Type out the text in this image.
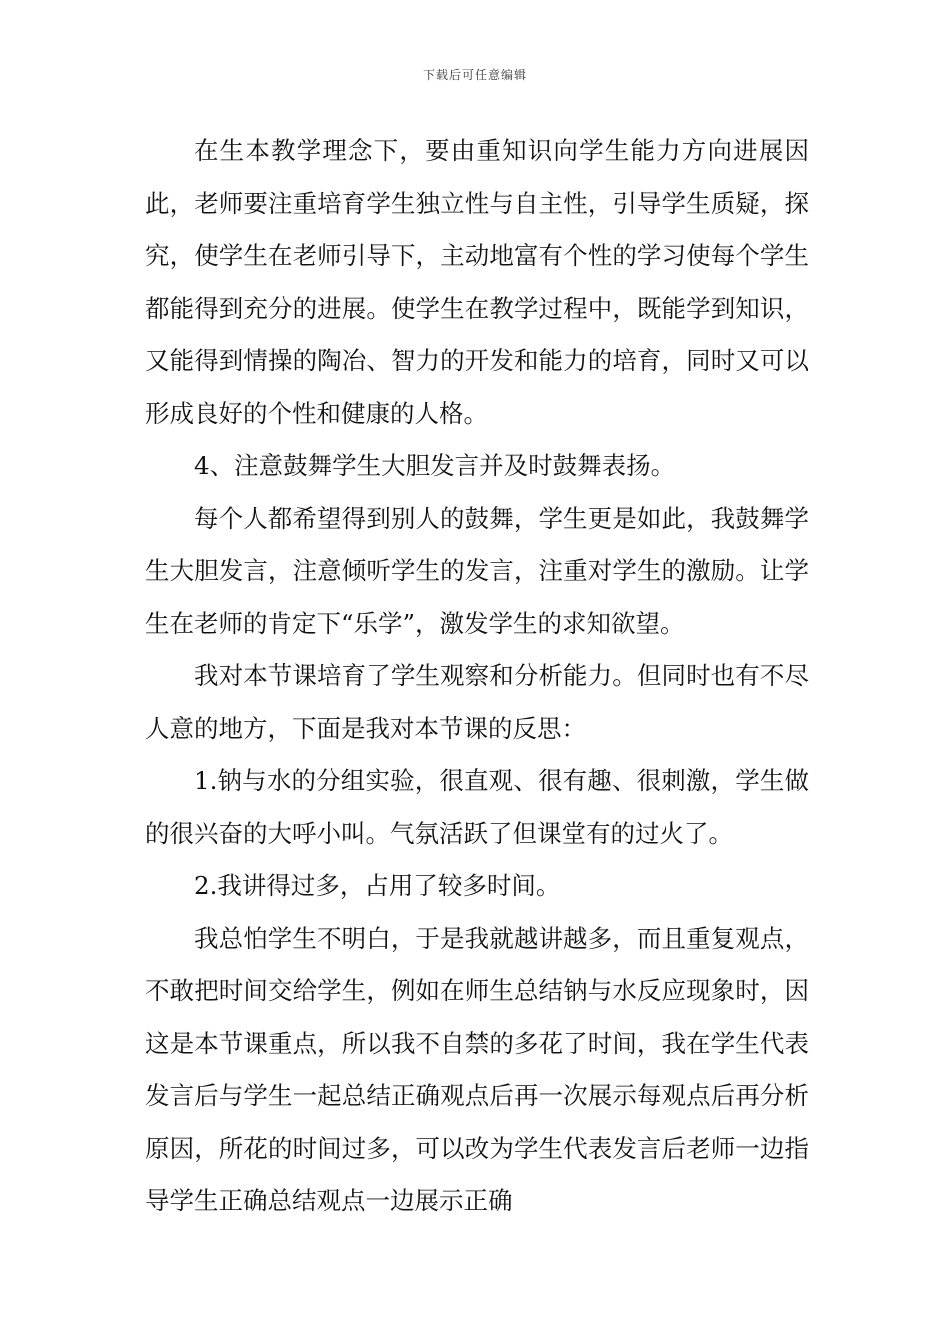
下载后可任意编辑

在生本教学理念下，要由重知识向学生能力方向进展因此，老师要注重培育学生独立性与自主性，引导学生质疑，探究，使学生在老师引导下，主动地富有个性的学习使每个学生都能得到充分的进展。使学生在教学过程中，既能学到知识，又能得到情操的陶冶、智力的开发和能力的培育，同时又可以形成良好的个性和健康的人格。

4、注意鼓舞学生大胆发言并及时鼓舞表扬。

每个人都希望得到别人的鼓舞，学生更是如此，我鼓舞学生大胆发言，注意倾听学生的发言，注重对学生的激励。让学生在老师的肯定下“乐学”，激发学生的求知欲望。

我对本节课培育了学生观察和分析能力。但同时也有不尽人意的地方，下面是我对本节课的反思：

1.钠与水的分组实验，很直观、很有趣、很刺激，学生做的很兴奋的大呼小叫。气氛活跃了但课堂有的过火了。

2.我讲得过多，占用了较多时间。

我总怕学生不明白，于是我就越讲越多，而且重复观点，不敢把时间交给学生，例如在师生总结钠与水反应现象时，因这是本节课重点，所以我不自禁的多花了时间，我在学生代表发言后与学生一起总结正确观点后再一次展示每观点后再分析原因，所花的时间过多，可以改为学生代表发言后老师一边指导学生正确总结观点一边展示正确
